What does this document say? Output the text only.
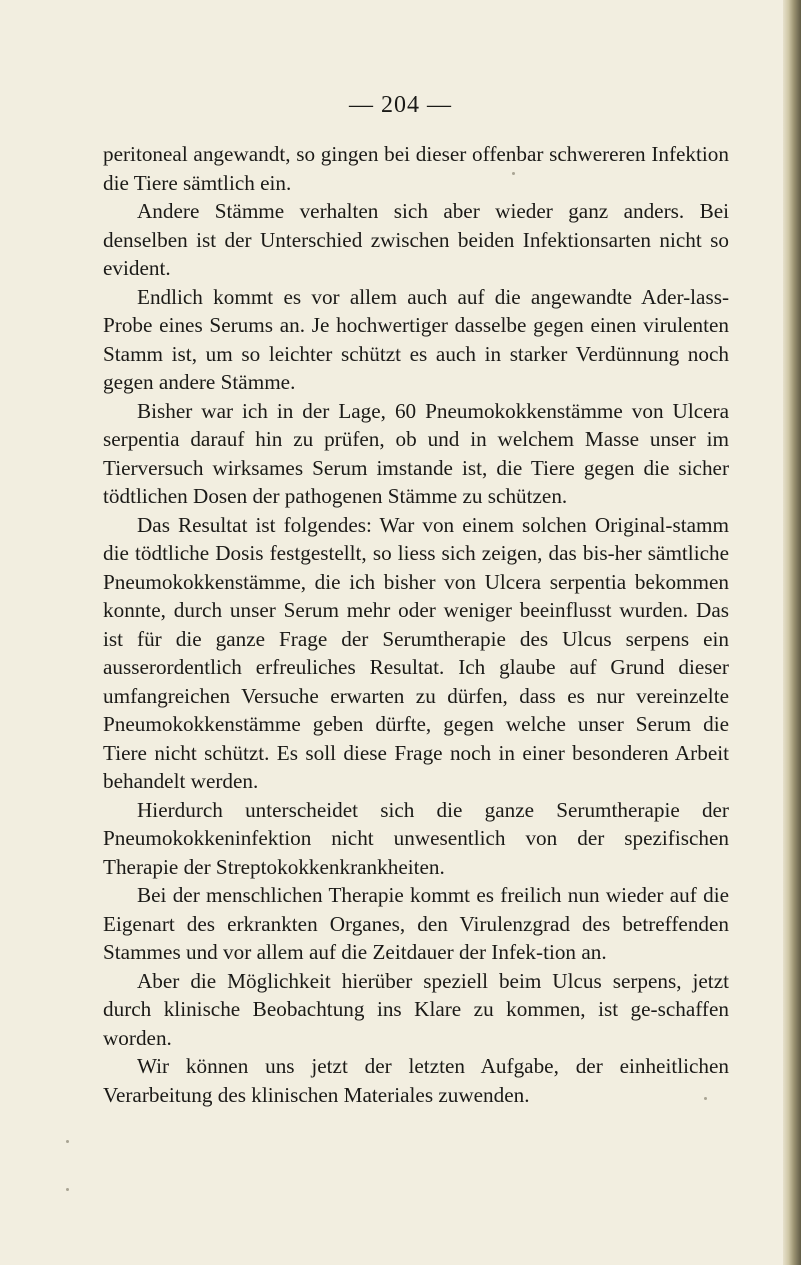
— 204 —

peritoneal angewandt, so gingen bei dieser offenbar schwereren Infektion die Tiere sämtlich ein.

Andere Stämme verhalten sich aber wieder ganz anders. Bei denselben ist der Unterschied zwischen beiden Infektionsarten nicht so evident.

Endlich kommt es vor allem auch auf die angewandte Ader-lass-Probe eines Serums an. Je hochwertiger dasselbe gegen einen virulenten Stamm ist, um so leichter schützt es auch in starker Verdünnung noch gegen andere Stämme.

Bisher war ich in der Lage, 60 Pneumokokkenstämme von Ulcera serpentia darauf hin zu prüfen, ob und in welchem Masse unser im Tierversuch wirksames Serum imstande ist, die Tiere gegen die sicher tödtlichen Dosen der pathogenen Stämme zu schützen.

Das Resultat ist folgendes: War von einem solchen Original-stamm die tödtliche Dosis festgestellt, so liess sich zeigen, das bis-her sämtliche Pneumokokkenstämme, die ich bisher von Ulcera serpentia bekommen konnte, durch unser Serum mehr oder weniger beeinflusst wurden. Das ist für die ganze Frage der Serumtherapie des Ulcus serpens ein ausserordentlich erfreuliches Resultat. Ich glaube auf Grund dieser umfangreichen Versuche erwarten zu dürfen, dass es nur vereinzelte Pneumokokkenstämme geben dürfte, gegen welche unser Serum die Tiere nicht schützt. Es soll diese Frage noch in einer besonderen Arbeit behandelt werden.

Hierdurch unterscheidet sich die ganze Serumtherapie der Pneumokokkeninfektion nicht unwesentlich von der spezifischen Therapie der Streptokokkenkrankheiten.

Bei der menschlichen Therapie kommt es freilich nun wieder auf die Eigenart des erkrankten Organes, den Virulenzgrad des betreffenden Stammes und vor allem auf die Zeitdauer der Infek-tion an.

Aber die Möglichkeit hierüber speziell beim Ulcus serpens, jetzt durch klinische Beobachtung ins Klare zu kommen, ist ge-schaffen worden.

Wir können uns jetzt der letzten Aufgabe, der einheitlichen Verarbeitung des klinischen Materiales zuwenden.
